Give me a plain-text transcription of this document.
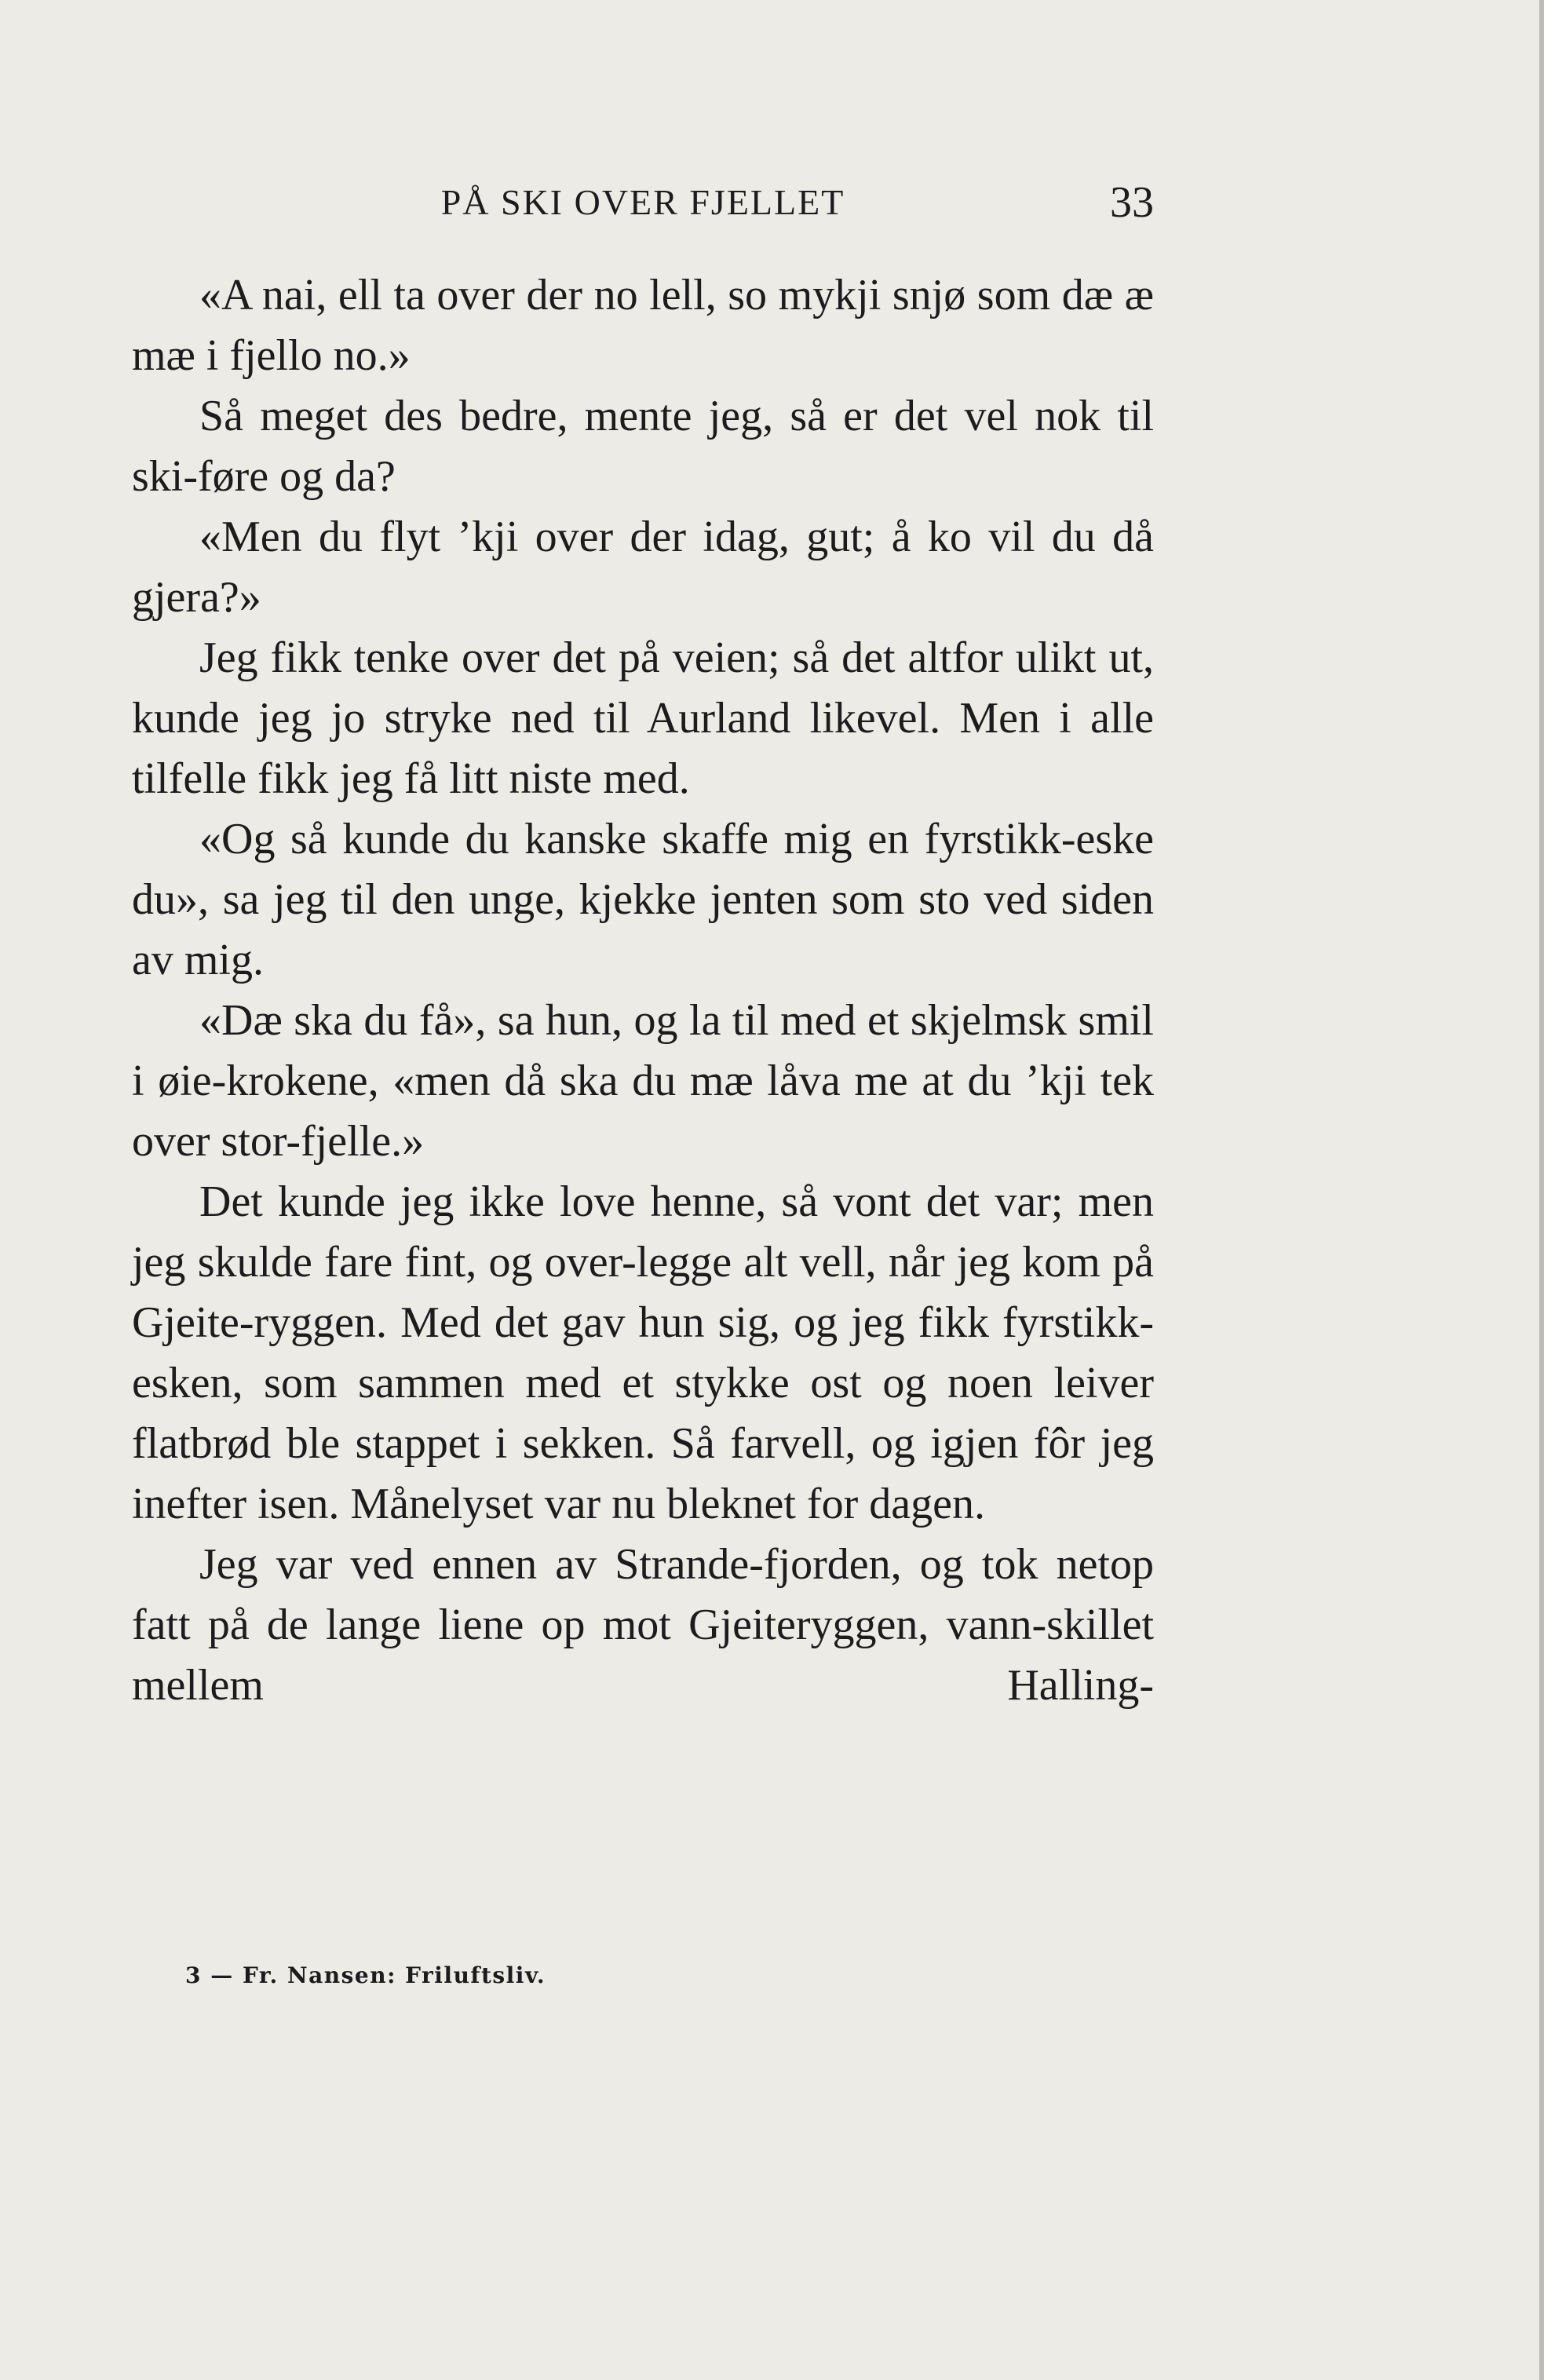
PÅ SKI OVER FJELLET	33

«A nai, ell ta over der no lell, so mykji snjø som dæ æ mæ i fjello no.»

Så meget des bedre, mente jeg, så er det vel nok til ski-føre og da?

«Men du flyt ’kji over der idag, gut; å ko vil du då gjera?»

Jeg fikk tenke over det på veien; så det altfor ulikt ut, kunde jeg jo stryke ned til Aurland likevel. Men i alle tilfelle fikk jeg få litt niste med.

«Og så kunde du kanske skaffe mig en fyrstikk-eske du», sa jeg til den unge, kjekke jenten som sto ved siden av mig.

«Dæ ska du få», sa hun, og la til med et skjelmsk smil i øie-krokene, «men då ska du mæ låva me at du ’kji tek over stor-fjelle.»

Det kunde jeg ikke love henne, så vont det var; men jeg skulde fare fint, og over-legge alt vell, når jeg kom på Gjeite-ryggen. Med det gav hun sig, og jeg fikk fyrstikk-esken, som sammen med et stykke ost og noen leiver flatbrød ble stappet i sekken. Så farvell, og igjen fôr jeg inefter isen. Månelyset var nu bleknet for dagen.

Jeg var ved ennen av Strande-fjorden, og tok netop fatt på de lange liene op mot Gjeiteryggen, vann-skillet mellem Halling-

3 — Fr. Nansen: Friluftsliv.
